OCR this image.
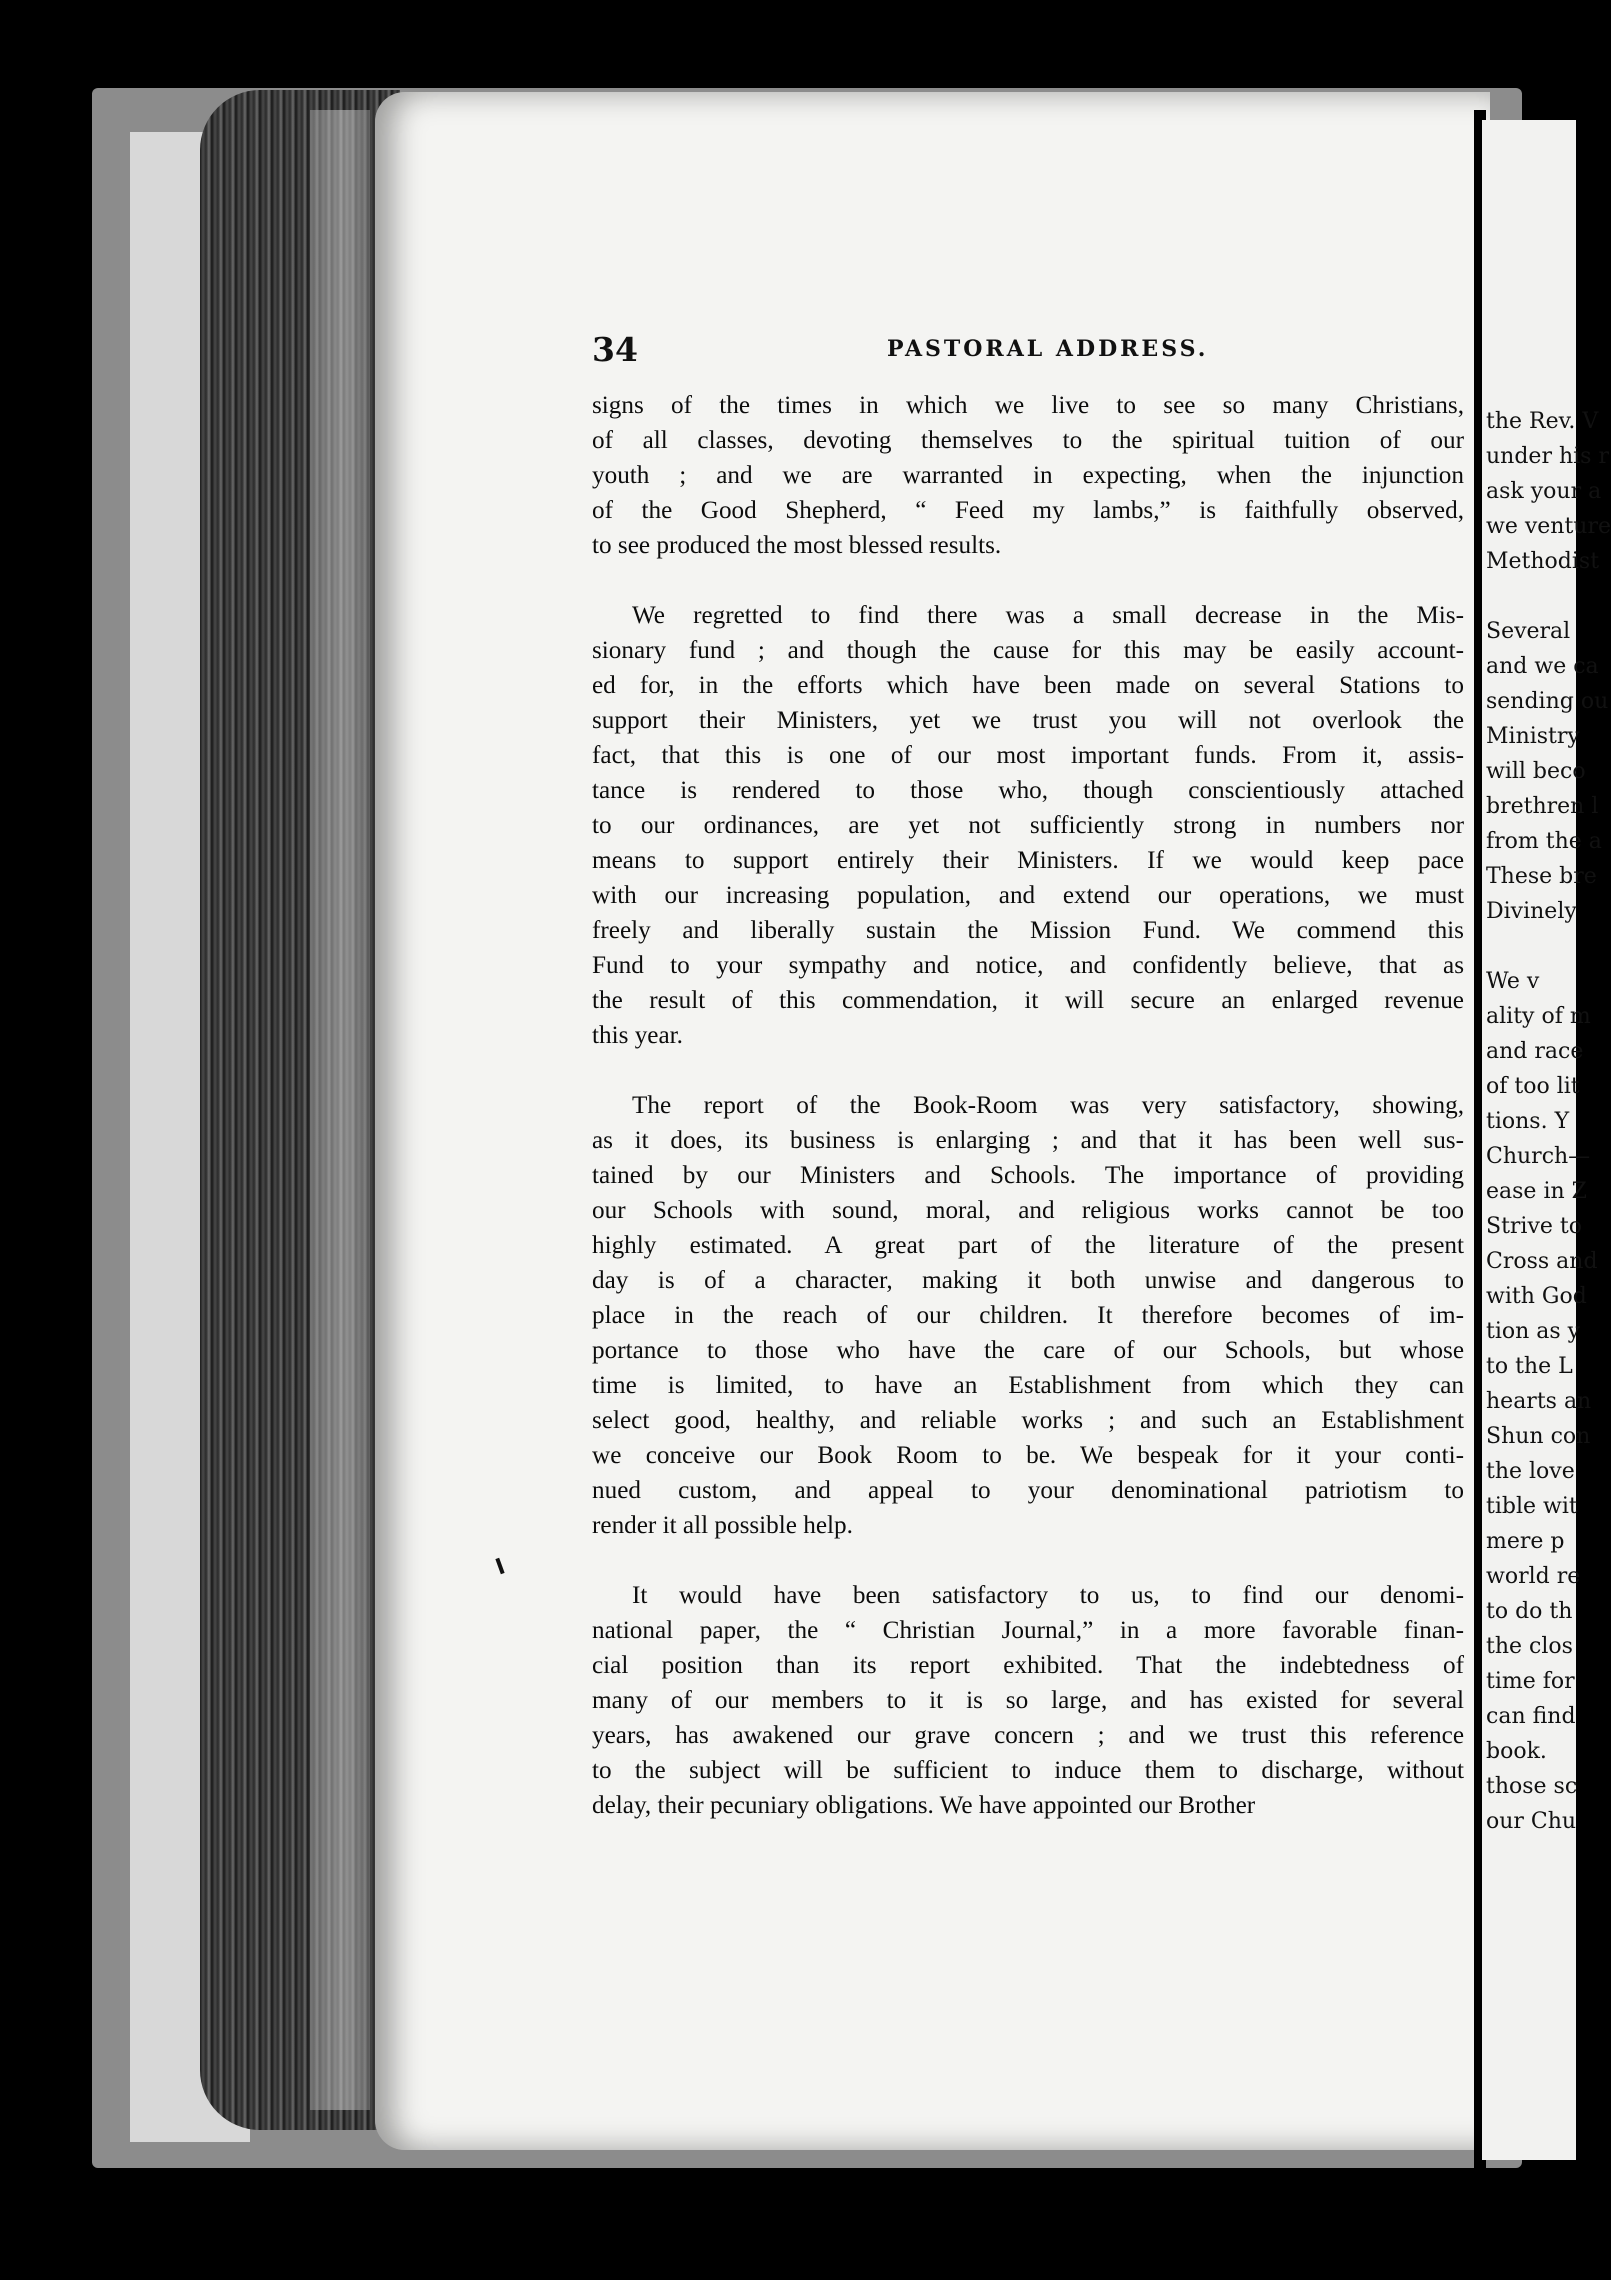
the Rev. V
under his r
ask your a
we venture
Methodist
Several
and we ca
sending ou
Ministry
will beco
brethren l
from the a
These bre
Divinely
We v
ality of m
and race
of too lit
tions. Y
Church—
ease in Z
Strive to
Cross and
with God
tion as y
to the L
hearts an
Shun con
the love
tible wit
mere p
world re
to do th
the clos
time for
can find
book.
those sc
our Chu
34	PASTORAL ADDRESS.
signs of the times in which we live to see so many Christians,
of all classes, devoting themselves to the spiritual tuition of our
youth ; and we are warranted in expecting, when the injunction
of the Good Shepherd, “ Feed my lambs,” is faithfully observed,
to see produced the most blessed results.
We regretted to find there was a small decrease in the Mis-
sionary fund ; and though the cause for this may be easily account-
ed for, in the efforts which have been made on several Stations to
support their Ministers, yet we trust you will not overlook the
fact, that this is one of our most important funds. From it, assis-
tance is rendered to those who, though conscientiously attached
to our ordinances, are yet not sufficiently strong in numbers nor
means to support entirely their Ministers. If we would keep pace
with our increasing population, and extend our operations, we must
freely and liberally sustain the Mission Fund. We commend this
Fund to your sympathy and notice, and confidently believe, that as
the result of this commendation, it will secure an enlarged revenue
this year.
The report of the Book-Room was very satisfactory, showing,
as it does, its business is enlarging ; and that it has been well sus-
tained by our Ministers and Schools. The importance of providing
our Schools with sound, moral, and religious works cannot be too
highly estimated. A great part of the literature of the present
day is of a character, making it both unwise and dangerous to
place in the reach of our children. It therefore becomes of im-
portance to those who have the care of our Schools, but whose
time is limited, to have an Establishment from which they can
select good, healthy, and reliable works ; and such an Establishment
we conceive our Book Room to be. We bespeak for it your conti-
nued custom, and appeal to your denominational patriotism to
render it all possible help.
It would have been satisfactory to us, to find our denomi-
national paper, the “ Christian Journal,” in a more favorable finan-
cial position than its report exhibited. That the indebtedness of
many of our members to it is so large, and has existed for several
years, has awakened our grave concern ; and we trust this reference
to the subject will be sufficient to induce them to discharge, without
delay, their pecuniary obligations. We have appointed our Brother
